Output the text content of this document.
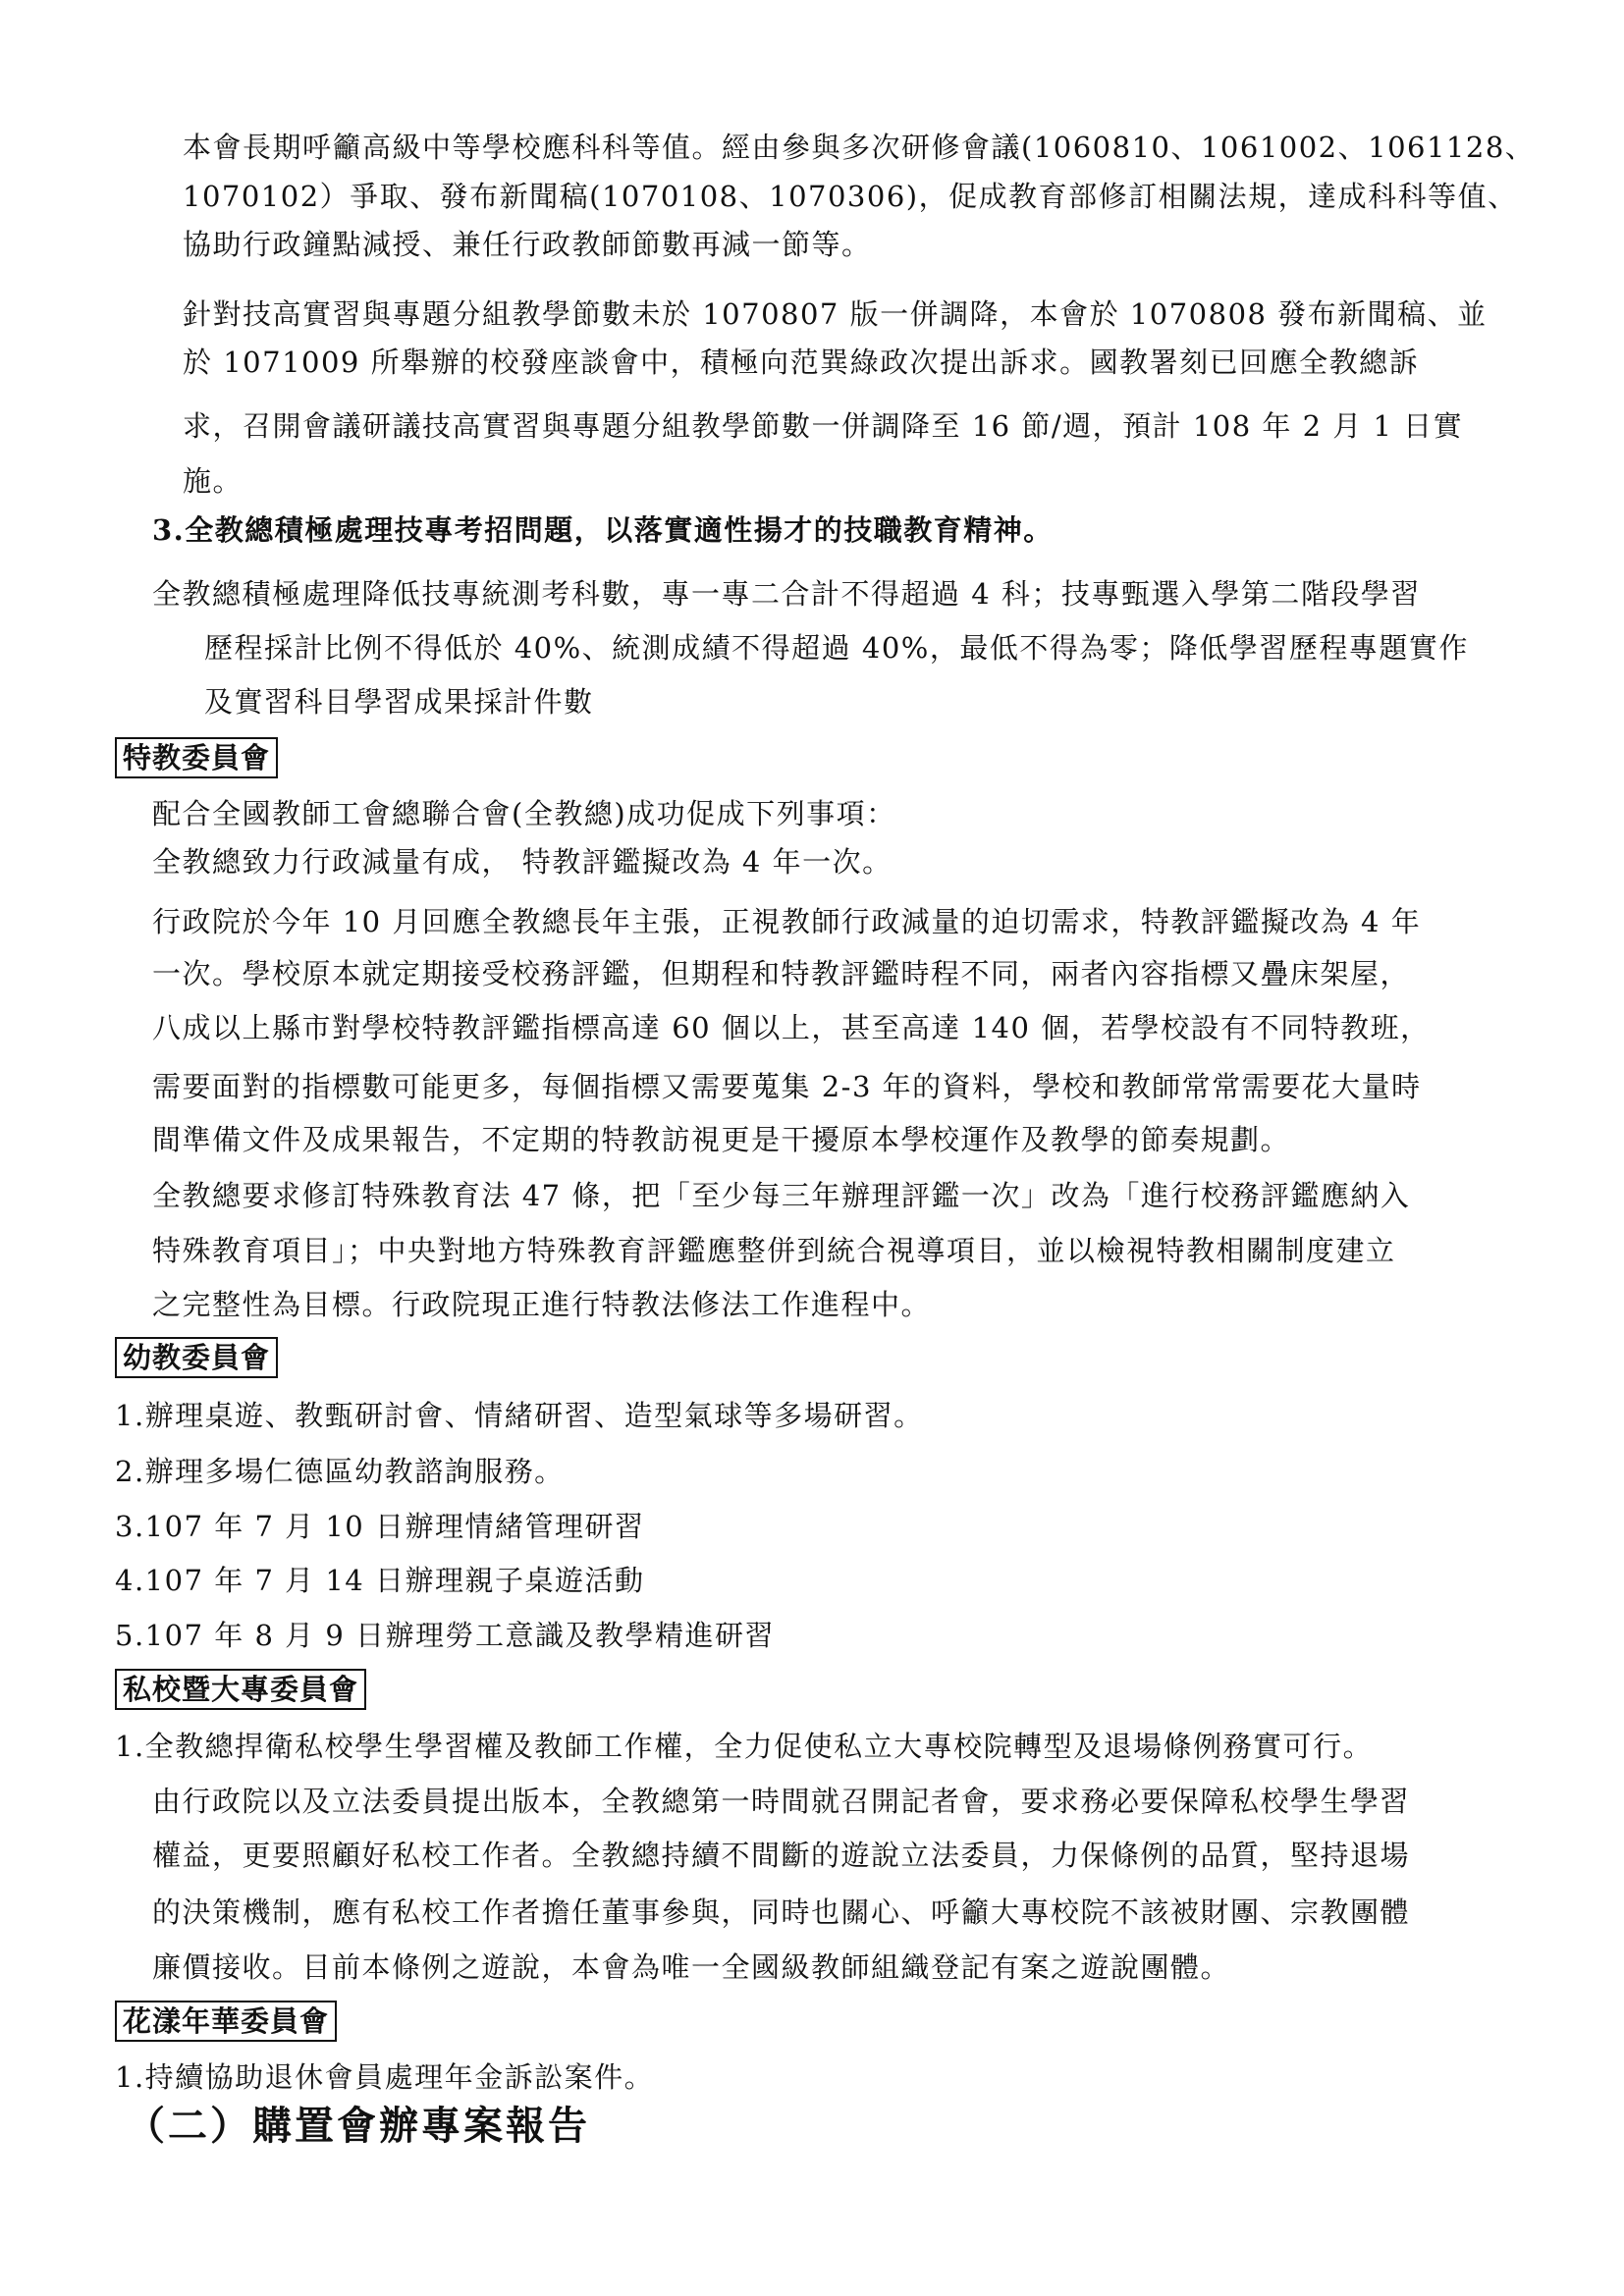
本會長期呼籲高級中等學校應科科等值。經由參與多次研修會議(1060810、1061002、1061128、
1070102）爭取、發布新聞稿(1070108、1070306)，促成教育部修訂相關法規，達成科科等值、
協助行政鐘點減授、兼任行政教師節數再減一節等。
針對技高實習與專題分組教學節數未於 1070807 版一併調降，本會於 1070808 發布新聞稿、並
於 1071009 所舉辦的校發座談會中，積極向范巽綠政次提出訴求。國教署刻已回應全教總訴
求，召開會議研議技高實習與專題分組教學節數一併調降至 16 節/週，預計 108 年 2 月 1 日實
施。
3.全教總積極處理技專考招問題，以落實適性揚才的技職教育精神。
全教總積極處理降低技專統測考科數，專一專二合計不得超過 4 科；技專甄選入學第二階段學習
歷程採計比例不得低於 40%、統測成績不得超過 40%，最低不得為零；降低學習歷程專題實作
及實習科目學習成果採計件數
特教委員會
配合全國教師工會總聯合會(全教總)成功促成下列事項：
全教總致力行政減量有成， 特教評鑑擬改為 4 年一次。
行政院於今年 10 月回應全教總長年主張，正視教師行政減量的迫切需求，特教評鑑擬改為 4 年
一次。學校原本就定期接受校務評鑑，但期程和特教評鑑時程不同，兩者內容指標又疊床架屋，
八成以上縣市對學校特教評鑑指標高達 60 個以上，甚至高達 140 個，若學校設有不同特教班，
需要面對的指標數可能更多，每個指標又需要蒐集 2-3 年的資料，學校和教師常常需要花大量時
間準備文件及成果報告，不定期的特教訪視更是干擾原本學校運作及教學的節奏規劃。
全教總要求修訂特殊教育法 47 條，把「至少每三年辦理評鑑一次」改為「進行校務評鑑應納入
特殊教育項目」；中央對地方特殊教育評鑑應整併到統合視導項目，並以檢視特教相關制度建立
之完整性為目標。行政院現正進行特教法修法工作進程中。
幼教委員會
1.辦理桌遊、教甄研討會、情緒研習、造型氣球等多場研習。
2.辦理多場仁德區幼教諮詢服務。
3.107 年 7 月 10 日辦理情緒管理研習
4.107 年 7 月 14 日辦理親子桌遊活動
5.107 年 8 月 9 日辦理勞工意識及教學精進研習
私校暨大專委員會
1.全教總捍衛私校學生學習權及教師工作權，全力促使私立大專校院轉型及退場條例務實可行。
由行政院以及立法委員提出版本，全教總第一時間就召開記者會，要求務必要保障私校學生學習
權益，更要照顧好私校工作者。全教總持續不間斷的遊說立法委員，力保條例的品質，堅持退場
的決策機制，應有私校工作者擔任董事參與，同時也關心、呼籲大專校院不該被財團、宗教團體
廉價接收。目前本條例之遊說，本會為唯一全國級教師組織登記有案之遊說團體。
花漾年華委員會
1.持續協助退休會員處理年金訴訟案件。
（二）購置會辦專案報告
